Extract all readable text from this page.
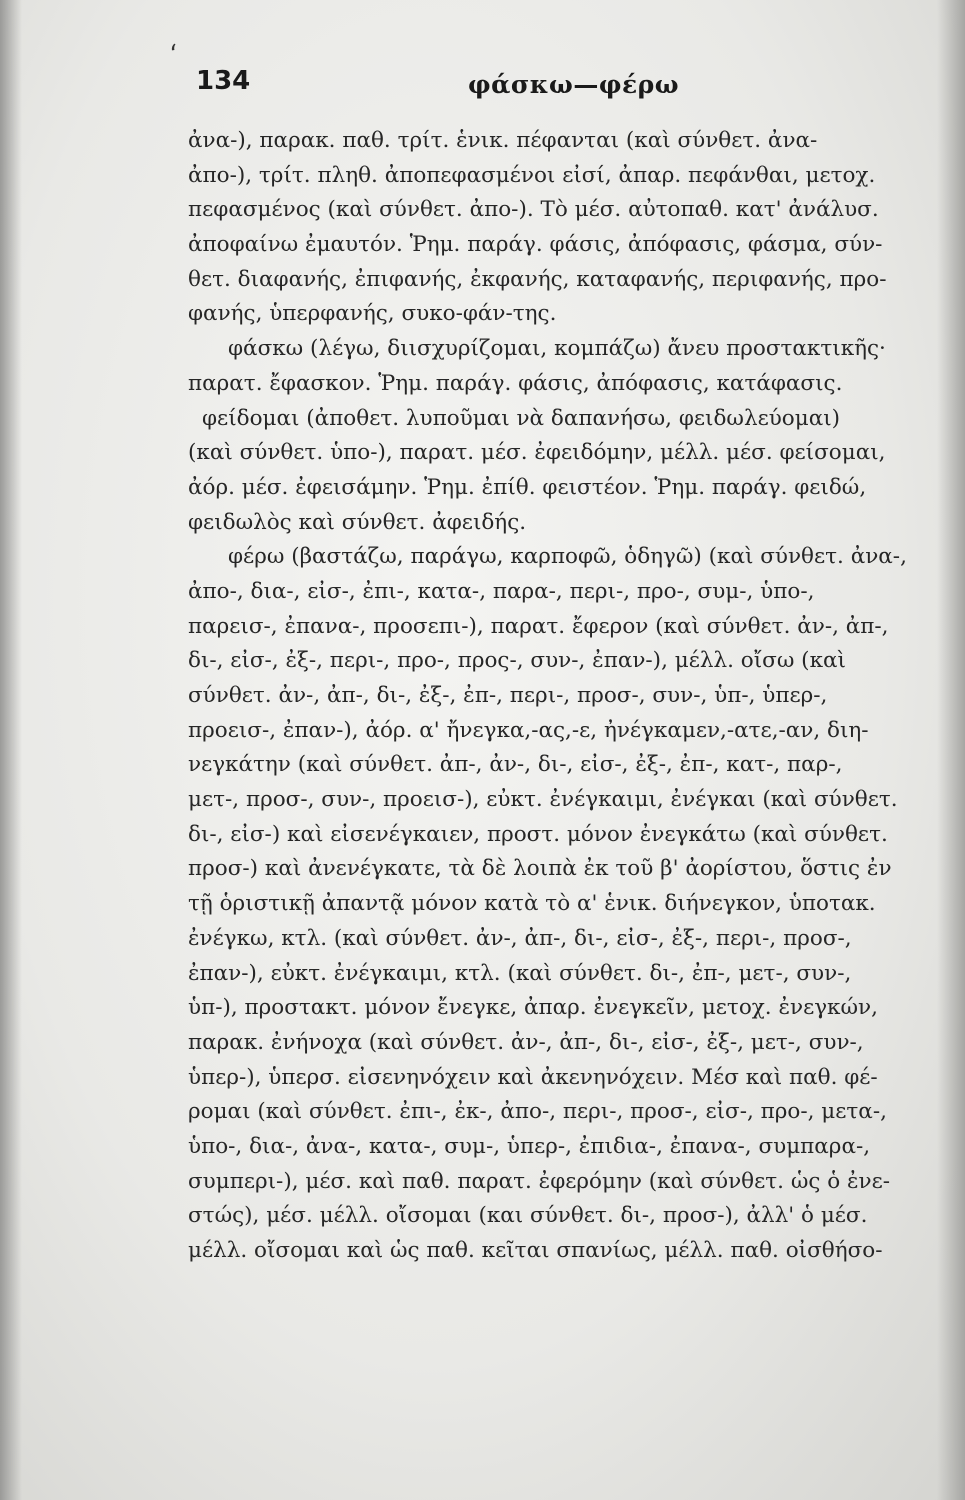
ʻ
134	φάσκω—φέρω
ἀνα-), παρακ. παθ. τρίτ. ἑνικ. πέφανται (καὶ σύνθετ. ἀνα-
ἀπο-), τρίτ. πληθ. ἀποπεφασμένοι εἰσί, ἀπαρ. πεφάνθαι, μετοχ.
πεφασμένος (καὶ σύνθετ. ἀπο-). Τὸ μέσ. αὐτοπαθ. κατ' ἀνάλυσ.
ἀποφαίνω ἐμαυτόν. Ῥημ. παράγ. φάσις, ἀπόφασις, φάσμα, σύν-
θετ. διαφανής, ἐπιφανής, ἐκφανής, καταφανής, περιφανής, προ-
φανής, ὑπερφανής, συκο-φάν-της.
φάσκω (λέγω, διισχυρίζομαι, κομπάζω) ἄνευ προστακτικῆς·
παρατ. ἔφασκον. Ῥημ. παράγ. φάσις, ἀπόφασις, κατάφασις.
φείδομαι (ἀποθετ. λυποῦμαι νὰ δαπανήσω, φειδωλεύομαι)
(καὶ σύνθετ. ὑπο-), παρατ. μέσ. ἐφειδόμην, μέλλ. μέσ. φείσομαι,
ἀόρ. μέσ. ἐφεισάμην. Ῥημ. ἐπίθ. φειστέον. Ῥημ. παράγ. φειδώ,
φειδωλὸς καὶ σύνθετ. ἀφειδής.
φέρω (βαστάζω, παράγω, καρποφῶ, ὁδηγῶ) (καὶ σύνθετ. ἀνα-,
ἀπο-, δια-, εἰσ-, ἐπι-, κατα-, παρα-, περι-, προ-, συμ-, ὑπο-,
παρεισ-, ἐπανα-, προσεπι-), παρατ. ἔφερον (καὶ σύνθετ. ἀν-, ἀπ-,
δι-, εἰσ-, ἐξ-, περι-, προ-, προς-, συν-, ἐπαν-), μέλλ. οἴσω (καὶ
σύνθετ. ἀν-, ἀπ-, δι-, ἐξ-, ἐπ-, περι-, προσ-, συν-, ὑπ-, ὑπερ-,
προεισ-, ἐπαν-), ἀόρ. α' ἤνεγκα,-ας,-ε, ἠνέγκαμεν,-ατε,-αν, διη-
νεγκάτην (καὶ σύνθετ. ἀπ-, ἀν-, δι-, εἰσ-, ἐξ-, ἐπ-, κατ-, παρ-,
μετ-, προσ-, συν-, προεισ-), εὐκτ. ἐνέγκαιμι, ἐνέγκαι (καὶ σύνθετ.
δι-, εἰσ-) καὶ εἰσενέγκαιεν, προστ. μόνον ἐνεγκάτω (καὶ σύνθετ.
προσ-) καὶ ἀνενέγκατε, τὰ δὲ λοιπὰ ἐκ τοῦ β' ἀορίστου, ὅστις ἐν
τῇ ὁριστικῇ ἀπαντᾷ μόνον κατὰ τὸ α' ἑνικ. διήνεγκον, ὑποτακ.
ἐνέγκω, κτλ. (καὶ σύνθετ. ἀν-, ἀπ-, δι-, εἰσ-, ἐξ-, περι-, προσ-,
ἐπαν-), εὐκτ. ἐνέγκαιμι, κτλ. (καὶ σύνθετ. δι-, ἐπ-, μετ-, συν-,
ὑπ-), προστακτ. μόνον ἔνεγκε, ἀπαρ. ἐνεγκεῖν, μετοχ. ἐνεγκών,
παρακ. ἐνήνοχα (καὶ σύνθετ. ἀν-, ἀπ-, δι-, εἰσ-, ἐξ-, μετ-, συν-,
ὑπερ-), ὑπερσ. εἰσενηνόχειν καὶ ἀκενηνόχειν. Μέσ καὶ παθ. φέ-
ρομαι (καὶ σύνθετ. ἐπι-, ἐκ-, ἀπο-, περι-, προσ-, εἰσ-, προ-, μετα-,
ὑπο-, δια-, ἀνα-, κατα-, συμ-, ὑπερ-, ἐπιδια-, ἐπανα-, συμπαρα-,
συμπερι-), μέσ. καὶ παθ. παρατ. ἐφερόμην (καὶ σύνθετ. ὡς ὁ ἐνε-
στώς), μέσ. μέλλ. οἴσομαι (και σύνθετ. δι-, προσ-), ἀλλ' ὁ μέσ.
μέλλ. οἴσομαι καὶ ὡς παθ. κεῖται σπανίως, μέλλ. παθ. οἰσθήσο-
